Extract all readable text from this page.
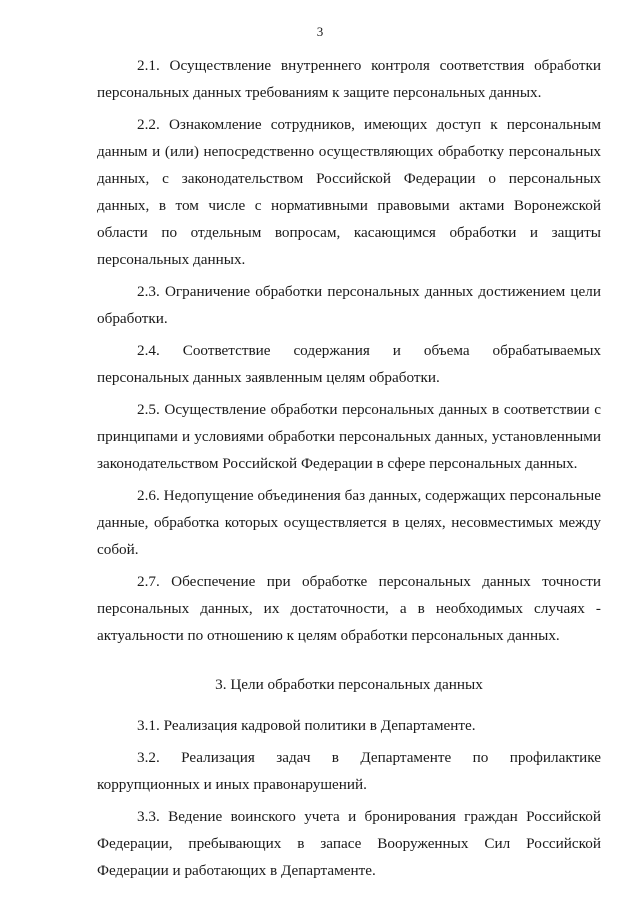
3

2.1. Осуществление внутреннего контроля соответствия обработки персональных данных требованиям к защите персональных данных.

2.2. Ознакомление сотрудников, имеющих доступ к персональным данным и (или) непосредственно осуществляющих обработку персональных данных, с законодательством Российской Федерации о персональных данных, в том числе с нормативными правовыми актами Воронежской области по отдельным вопросам, касающимся обработки и защиты персональных данных.

2.3. Ограничение обработки персональных данных достижением цели обработки.

2.4. Соответствие содержания и объема обрабатываемых персональных данных заявленным целям обработки.

2.5. Осуществление обработки персональных данных в соответствии с принципами и условиями обработки персональных данных, установленными законодательством Российской Федерации в сфере персональных данных.

2.6. Недопущение объединения баз данных, содержащих персональные данные, обработка которых осуществляется в целях, несовместимых между собой.

2.7. Обеспечение при обработке персональных данных точности персональных данных, их достаточности, а в необходимых случаях - актуальности по отношению к целям обработки персональных данных.

3. Цели обработки персональных данных

3.1. Реализация кадровой политики в Департаменте.

3.2. Реализация задач в Департаменте по профилактике коррупционных и иных правонарушений.

3.3. Ведение воинского учета и бронирования граждан Российской Федерации, пребывающих в запасе Вооруженных Сил Российской Федерации и работающих в Департаменте.
